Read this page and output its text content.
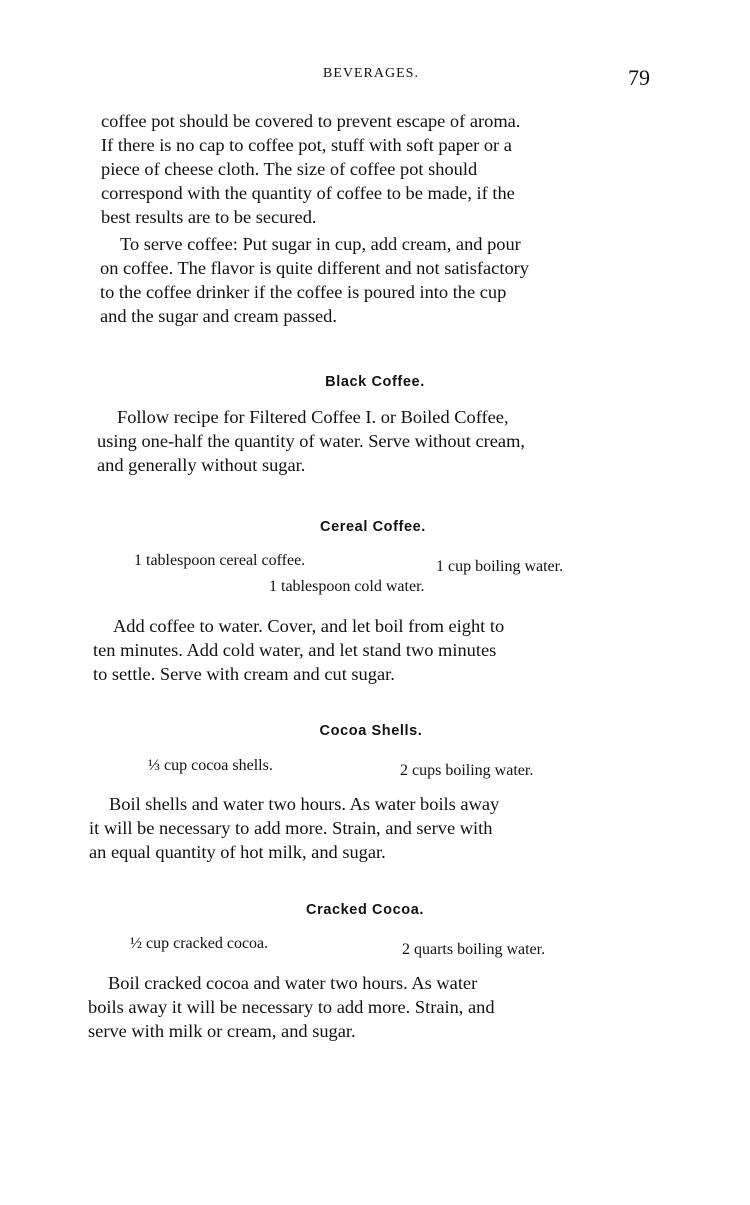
BEVERAGES.	79
coffee pot should be covered to prevent escape of aroma.
If there is no cap to coffee pot, stuff with soft paper or a
piece of cheese cloth. The size of coffee pot should
correspond with the quantity of coffee to be made, if the
best results are to be secured.
To serve coffee: Put sugar in cup, add cream, and pour
on coffee. The flavor is quite different and not satisfactory
to the coffee drinker if the coffee is poured into the cup
and the sugar and cream passed.
Black Coffee.
Follow recipe for Filtered Coffee I. or Boiled Coffee,
using one-half the quantity of water. Serve without cream,
and generally without sugar.
Cereal Coffee.
1 tablespoon cereal coffee.	1 cup boiling water.
1 tablespoon cold water.
Add coffee to water. Cover, and let boil from eight to
ten minutes. Add cold water, and let stand two minutes
to settle. Serve with cream and cut sugar.
Cocoa Shells.
⅓ cup cocoa shells.	2 cups boiling water.
Boil shells and water two hours. As water boils away
it will be necessary to add more. Strain, and serve with
an equal quantity of hot milk, and sugar.
Cracked Cocoa.
½ cup cracked cocoa.	2 quarts boiling water.
Boil cracked cocoa and water two hours. As water
boils away it will be necessary to add more. Strain, and
serve with milk or cream, and sugar.
